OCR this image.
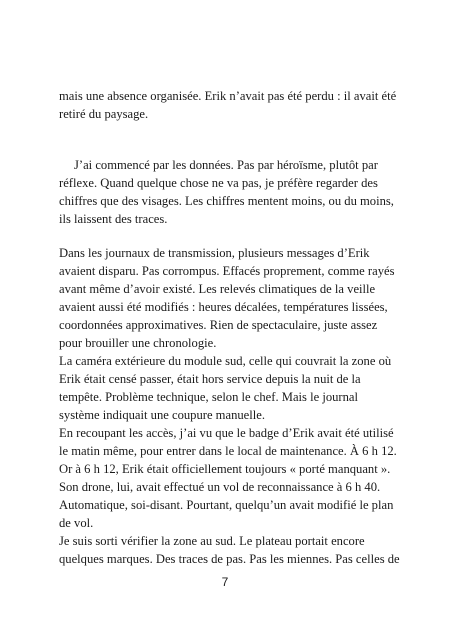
mais une absence organisée. Erik n’avait pas été perdu : il avait été
retiré du paysage.
J’ai commencé par les données. Pas par héroïsme, plutôt par
réflexe. Quand quelque chose ne va pas, je préfère regarder des
chiffres que des visages. Les chiffres mentent moins, ou du moins,
ils laissent des traces.
Dans les journaux de transmission, plusieurs messages d’Erik
avaient disparu. Pas corrompus. Effacés proprement, comme rayés
avant même d’avoir existé. Les relevés climatiques de la veille
avaient aussi été modifiés : heures décalées, températures lissées,
coordonnées approximatives. Rien de spectaculaire, juste assez
pour brouiller une chronologie.
La caméra extérieure du module sud, celle qui couvrait la zone où
Erik était censé passer, était hors service depuis la nuit de la
tempête. Problème technique, selon le chef. Mais le journal
système indiquait une coupure manuelle.
En recoupant les accès, j’ai vu que le badge d’Erik avait été utilisé
le matin même, pour entrer dans le local de maintenance. À 6 h 12.
Or à 6 h 12, Erik était officiellement toujours « porté manquant ».
Son drone, lui, avait effectué un vol de reconnaissance à 6 h 40.
Automatique, soi-disant. Pourtant, quelqu’un avait modifié le plan
de vol.
Je suis sorti vérifier la zone au sud. Le plateau portait encore
quelques marques. Des traces de pas. Pas les miennes. Pas celles de
7
